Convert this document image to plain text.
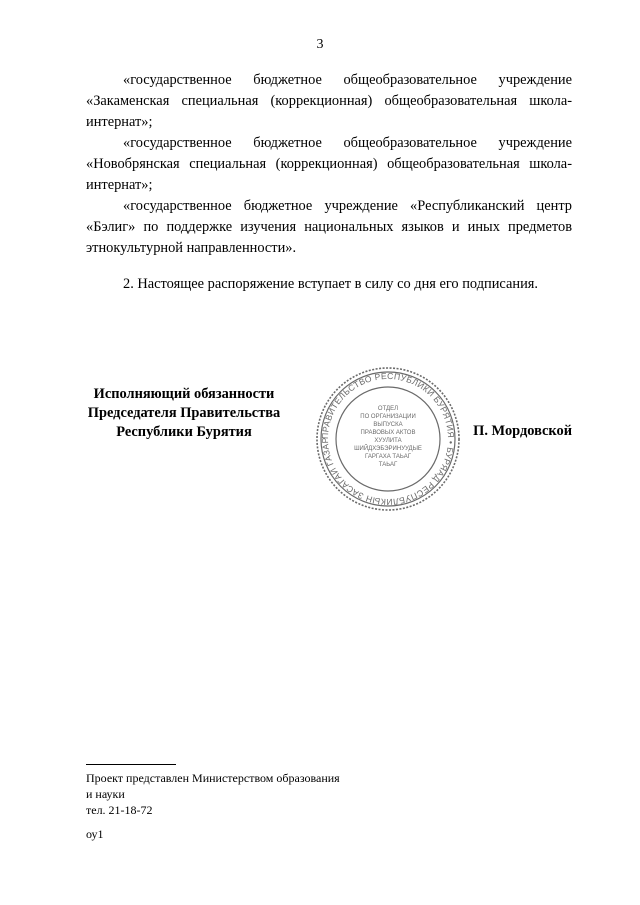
3

«государственное бюджетное общеобразовательное учреждение «Закаменская специальная (коррекционная) общеобразовательная школа-интернат»;

«государственное бюджетное общеобразовательное учреждение «Новобрянская специальная (коррекционная) общеобразовательная школа-интернат»;

«государственное бюджетное учреждение «Республиканский центр «Бэлиг» по поддержке изучения национальных языков и иных предметов этнокультурной направленности».

2. Настоящее распоряжение вступает в силу со дня его подписания.

Исполняющий обязанности
Председателя Правительства
Республики Бурятия	ПРАВИТЕЛЬСТВО РЕСПУБЛИКИ БУРЯТИЯ • БУРЯАД РЕСПУБЛИКЫН ЗАСАГАЙ ГАЗАР
ОТДЕЛ
ПО ОРГАНИЗАЦИИ
ВЫПУСКА
ПРАВОВЫХ АКТОВ
ХУУЛИТА
ШИЙДХЭБЭРИНУУДЫЕ
ГАРГАХА ТАЬАГ
ТАЬАГ
П. Мордовской
Проект представлен Министерством образования
и науки
тел. 21-18-72
оу1
